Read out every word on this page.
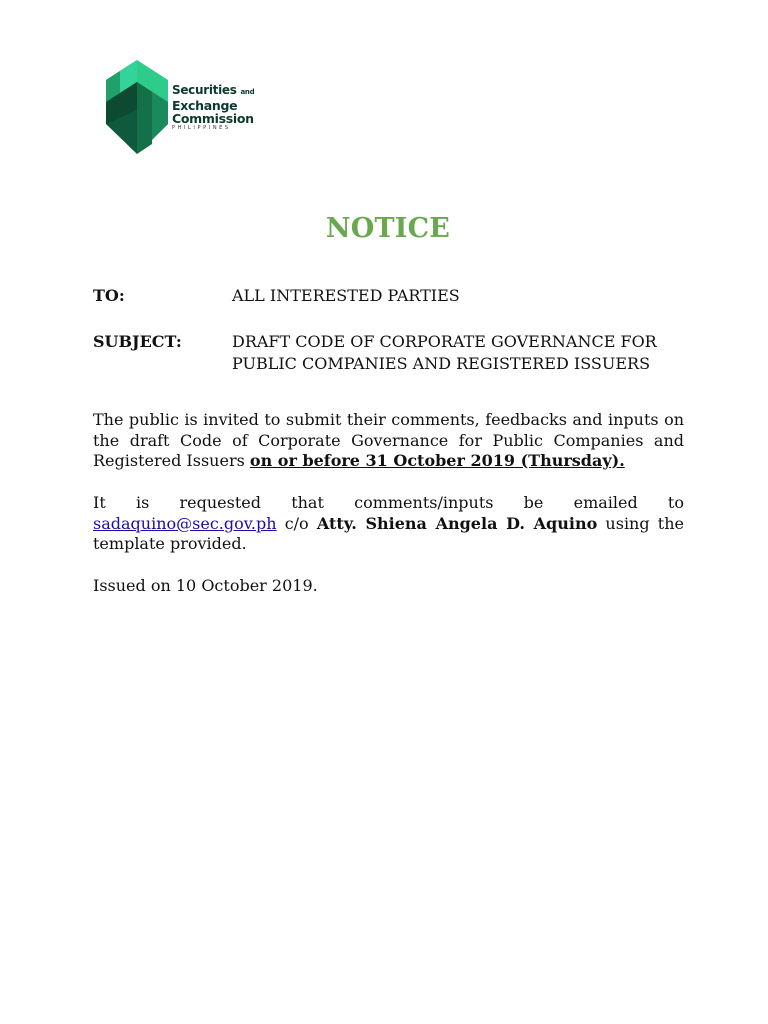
Securities and
Exchange
Commission
PHILIPPINES
NOTICE
TO:	ALL INTERESTED PARTIES
SUBJECT:	DRAFT CODE OF CORPORATE GOVERNANCE FOR
PUBLIC COMPANIES AND REGISTERED ISSUERS

The public is invited to submit their comments, feedbacks and inputs on the draft Code of Corporate Governance for Public Companies and Registered Issuers on or before 31 October 2019 (Thursday).

It is requested that comments/inputs be emailed to sadaquino@sec.gov.ph c/o Atty. Shiena Angela D. Aquino using the template provided.

Issued on 10 October 2019.
